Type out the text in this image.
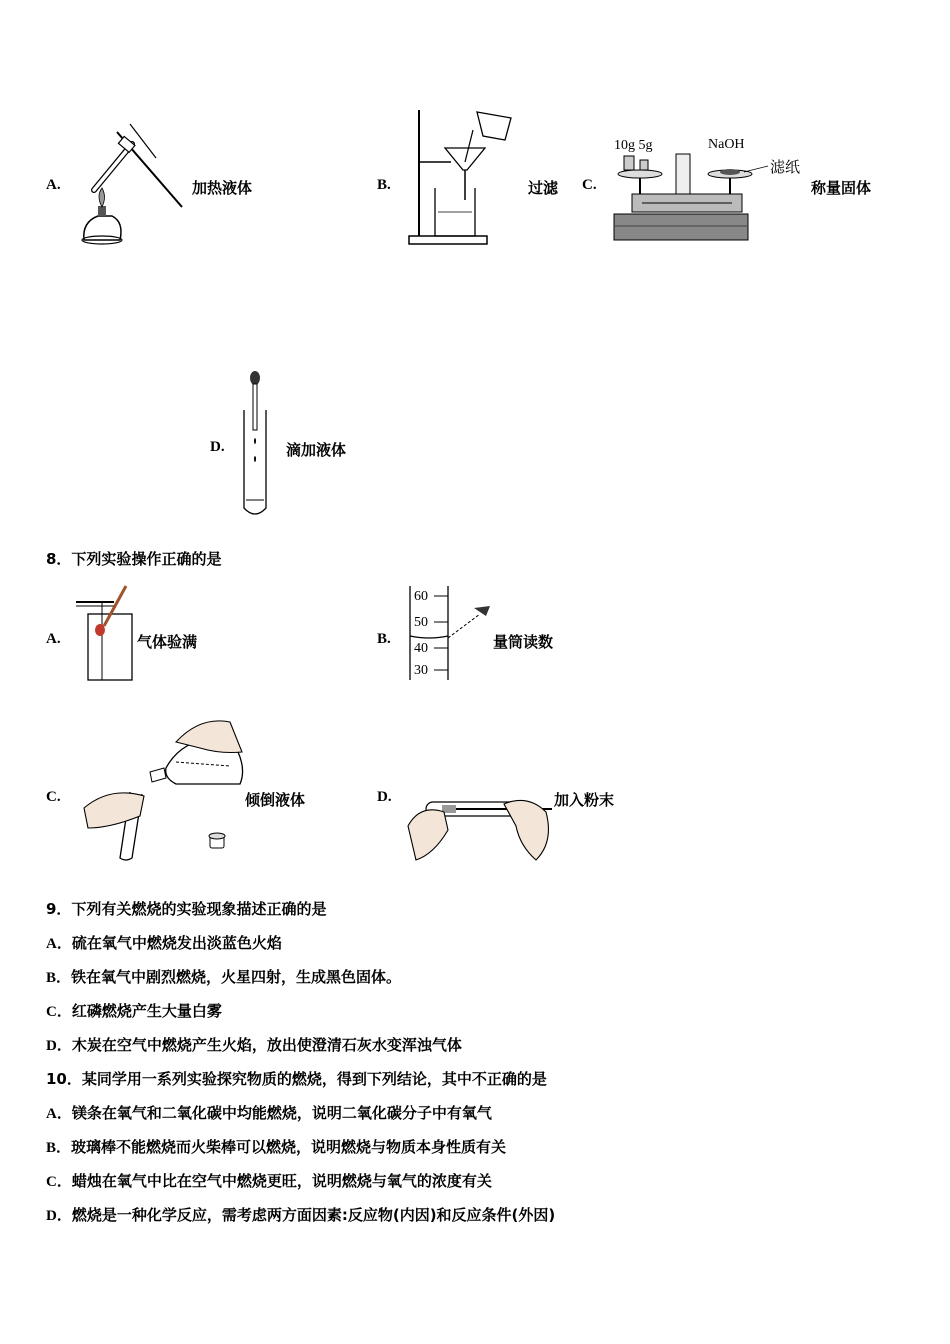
A.	加热液体	B.	过滤 C.
10g 5g	NaOH
滤纸
称量固体
D.	滴加液体
8．下列实验操作正确的是
A.	气体验满	B.
60
50
40
30
量筒读数
C.	倾倒液体	D.	加入粉末
9．下列有关燃烧的实验现象描述正确的是
A．硫在氧气中燃烧发出淡蓝色火焰
B．铁在氧气中剧烈燃烧，火星四射，生成黑色固体。
C．红磷燃烧产生大量白雾
D．木炭在空气中燃烧产生火焰，放出使澄清石灰水变浑浊气体
10．某同学用一系列实验探究物质的燃烧，得到下列结论，其中不正确的是
A．镁条在氧气和二氧化碳中均能燃烧，说明二氧化碳分子中有氧气
B．玻璃棒不能燃烧而火柴棒可以燃烧，说明燃烧与物质本身性质有关
C．蜡烛在氧气中比在空气中燃烧更旺，说明燃烧与氧气的浓度有关
D．燃烧是一种化学反应，需考虑两方面因素:反应物(内因)和反应条件(外因)
